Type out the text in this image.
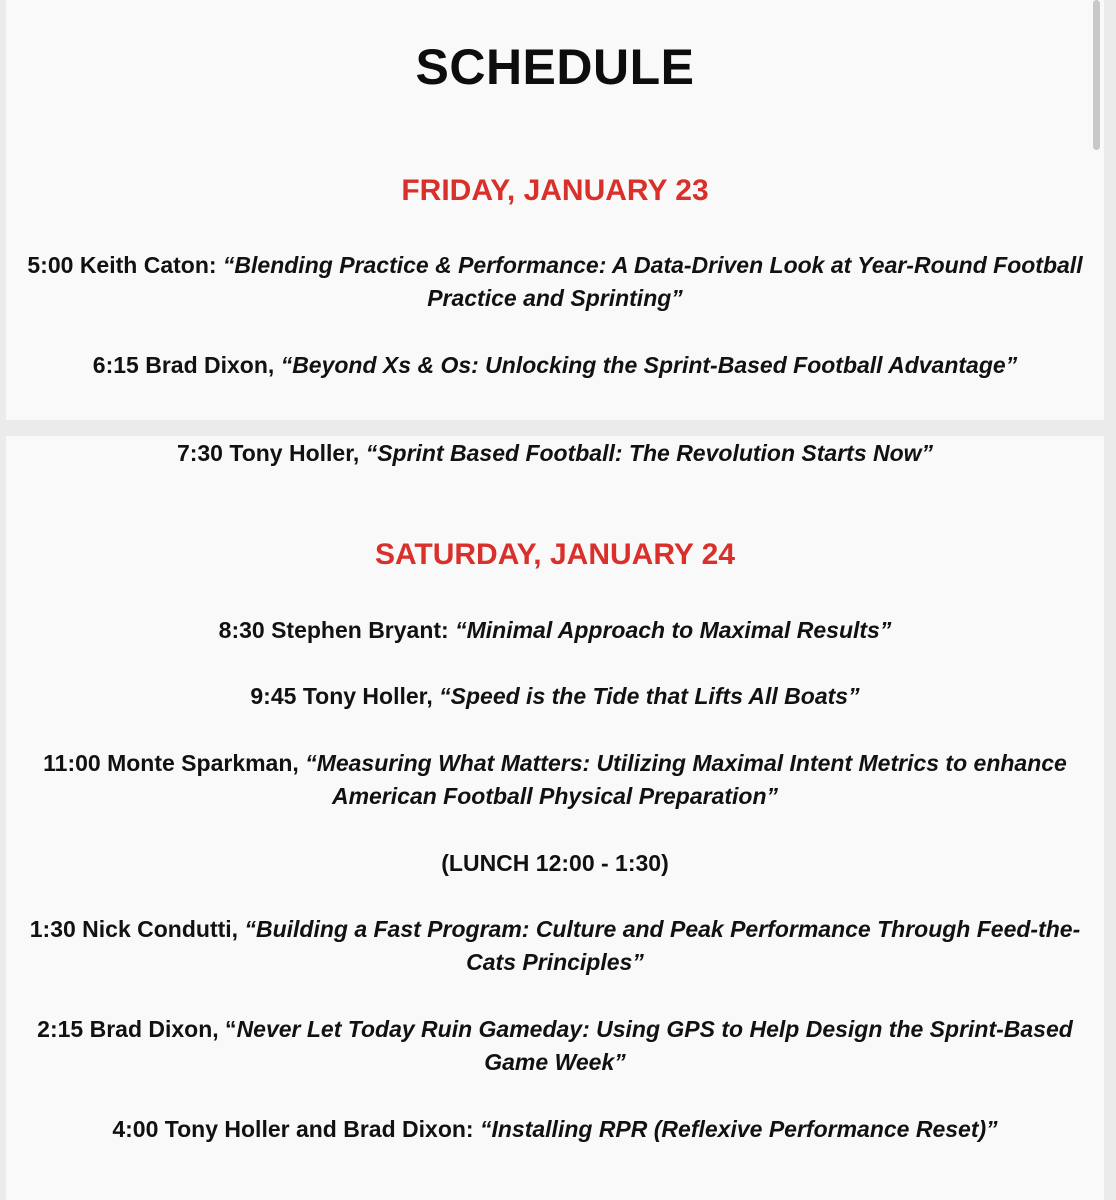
SCHEDULE
FRIDAY, JANUARY 23
5:00 Keith Caton: “Blending Practice & Performance: A Data-Driven Look at Year-Round Football Practice and Sprinting”
6:15 Brad Dixon, “Beyond Xs & Os: Unlocking the Sprint-Based Football Advantage”
7:30 Tony Holler, “Sprint Based Football: The Revolution Starts Now”
SATURDAY, JANUARY 24
8:30 Stephen Bryant: “Minimal Approach to Maximal Results”
9:45 Tony Holler, “Speed is the Tide that Lifts All Boats”
11:00 Monte Sparkman, “Measuring What Matters: Utilizing Maximal Intent Metrics to enhance American Football Physical Preparation”
(LUNCH 12:00 - 1:30)
1:30 Nick Condutti, “Building a Fast Program: Culture and Peak Performance Through Feed-the-Cats Principles”
2:15 Brad Dixon, “Never Let Today Ruin Gameday: Using GPS to Help Design the Sprint-Based Game Week”
4:00 Tony Holler and Brad Dixon: “Installing RPR (Reflexive Performance Reset)”
